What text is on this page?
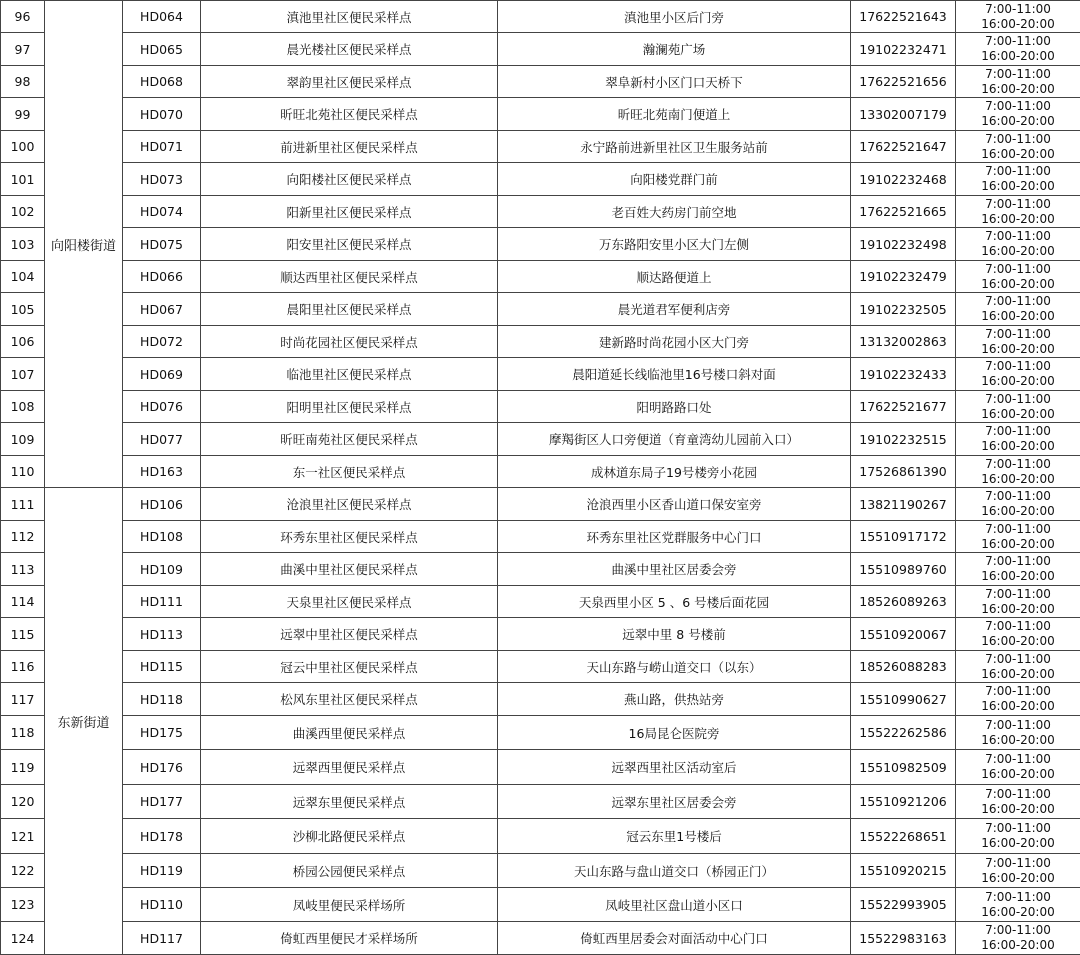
96	向阳楼街道	HD064	滇池里社区便民采样点	滇池里小区后门旁	17622521643	7:00-11:00
16:00-20:00

97		HD065	晨光楼社区便民采样点	瀚澜苑广场	19102232471	7:00-11:00
16:00-20:00

98		HD068	翠韵里社区便民采样点	翠阜新村小区门口天桥下	17622521656	7:00-11:00
16:00-20:00

99		HD070	昕旺北苑社区便民采样点	昕旺北苑南门便道上	13302007179	7:00-11:00
16:00-20:00

100		HD071	前进新里社区便民采样点	永宁路前进新里社区卫生服务站前	17622521647	7:00-11:00
16:00-20:00

101		HD073	向阳楼社区便民采样点	向阳楼党群门前	19102232468	7:00-11:00
16:00-20:00

102		HD074	阳新里社区便民采样点	老百姓大药房门前空地	17622521665	7:00-11:00
16:00-20:00

103		HD075	阳安里社区便民采样点	万东路阳安里小区大门左侧	19102232498	7:00-11:00
16:00-20:00

104		HD066	顺达西里社区便民采样点	顺达路便道上	19102232479	7:00-11:00
16:00-20:00

105		HD067	晨阳里社区便民采样点	晨光道君军便利店旁	19102232505	7:00-11:00
16:00-20:00

106		HD072	时尚花园社区便民采样点	建新路时尚花园小区大门旁	13132002863	7:00-11:00
16:00-20:00

107		HD069	临池里社区便民采样点	晨阳道延长线临池里16号楼口斜对面	19102232433	7:00-11:00
16:00-20:00

108		HD076	阳明里社区便民采样点	阳明路路口处	17622521677	7:00-11:00
16:00-20:00

109		HD077	昕旺南苑社区便民采样点	摩羯街区人口旁便道（育童湾幼儿园前入口）	19102232515	7:00-11:00
16:00-20:00

110		HD163	东一社区便民采样点	成林道东局子19号楼旁小花园	17526861390	7:00-11:00
16:00-20:00

111	东新街道	HD106	沧浪里社区便民采样点	沧浪西里小区香山道口保安室旁	13821190267	7:00-11:00
16:00-20:00

112		HD108	环秀东里社区便民采样点	环秀东里社区党群服务中心门口	15510917172	7:00-11:00
16:00-20:00

113		HD109	曲溪中里社区便民采样点	曲溪中里社区居委会旁	15510989760	7:00-11:00
16:00-20:00

114		HD111	天泉里社区便民采样点	天泉西里小区 5 、6 号楼后面花园	18526089263	7:00-11:00
16:00-20:00

115		HD113	远翠中里社区便民采样点	远翠中里 8 号楼前	15510920067	7:00-11:00
16:00-20:00

116		HD115	冠云中里社区便民采样点	天山东路与崂山道交口（以东）	18526088283	7:00-11:00
16:00-20:00

117		HD118	松风东里社区便民采样点	燕山路，供热站旁	15510990627	7:00-11:00
16:00-20:00

118		HD175	曲溪西里便民采样点	16局昆仑医院旁	15522262586	7:00-11:00
16:00-20:00

119		HD176	远翠西里便民采样点	远翠西里社区活动室后	15510982509	7:00-11:00
16:00-20:00

120		HD177	远翠东里便民采样点	远翠东里社区居委会旁	15510921206	7:00-11:00
16:00-20:00

121		HD178	沙柳北路便民采样点	冠云东里1号楼后	15522268651	7:00-11:00
16:00-20:00

122		HD119	桥园公园便民采样点	天山东路与盘山道交口（桥园正门）	15510920215	7:00-11:00
16:00-20:00

123		HD110	凤岐里便民采样场所	凤岐里社区盘山道小区口	15522993905	7:00-11:00
16:00-20:00

124		HD117	倚虹西里便民才采样场所	倚虹西里居委会对面活动中心门口	15522983163	7:00-11:00
16:00-20:00
